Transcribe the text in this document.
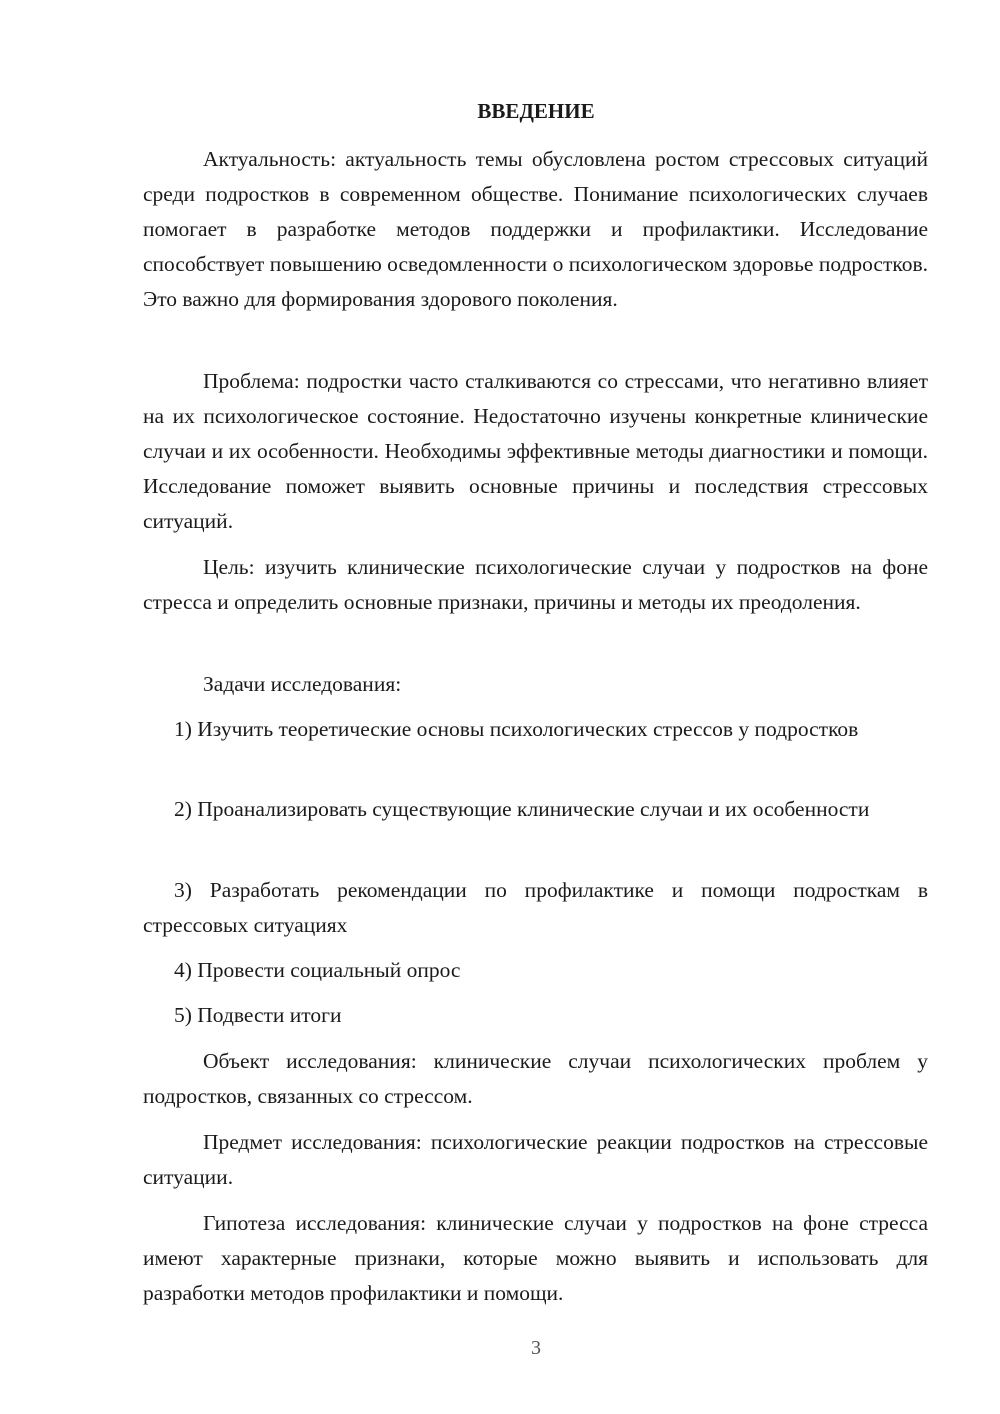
ВВЕДЕНИЕ

Актуальность: актуальность темы обусловлена ростом стрессовых ситуаций среди подростков в современном обществе. Понимание психологических случаев помогает в разработке методов поддержки и профилактики. Исследование способствует повышению осведомленности о психологическом здоровье подростков. Это важно для формирования здорового поколения.

Проблема: подростки часто сталкиваются со стрессами, что негативно влияет на их психологическое состояние. Недостаточно изучены конкретные клинические случаи и их особенности. Необходимы эффективные методы диагностики и помощи. Исследование поможет выявить основные причины и последствия стрессовых ситуаций.

Цель: изучить клинические психологические случаи у подростков на фоне стресса и определить основные признаки, причины и методы их преодоления.

Задачи исследования:

1) Изучить теоретические основы психологических стрессов у подростков

2) Проанализировать существующие клинические случаи и их особенности

3) Разработать рекомендации по профилактике и помощи подросткам в стрессовых ситуациях

4) Провести социальный опрос

5) Подвести итоги

Объект исследования: клинические случаи психологических проблем у подростков, связанных со стрессом.

Предмет исследования: психологические реакции подростков на стрессовые ситуации.

Гипотеза исследования: клинические случаи у подростков на фоне стресса имеют характерные признаки, которые можно выявить и использовать для разработки методов профилактики и помощи.

3
